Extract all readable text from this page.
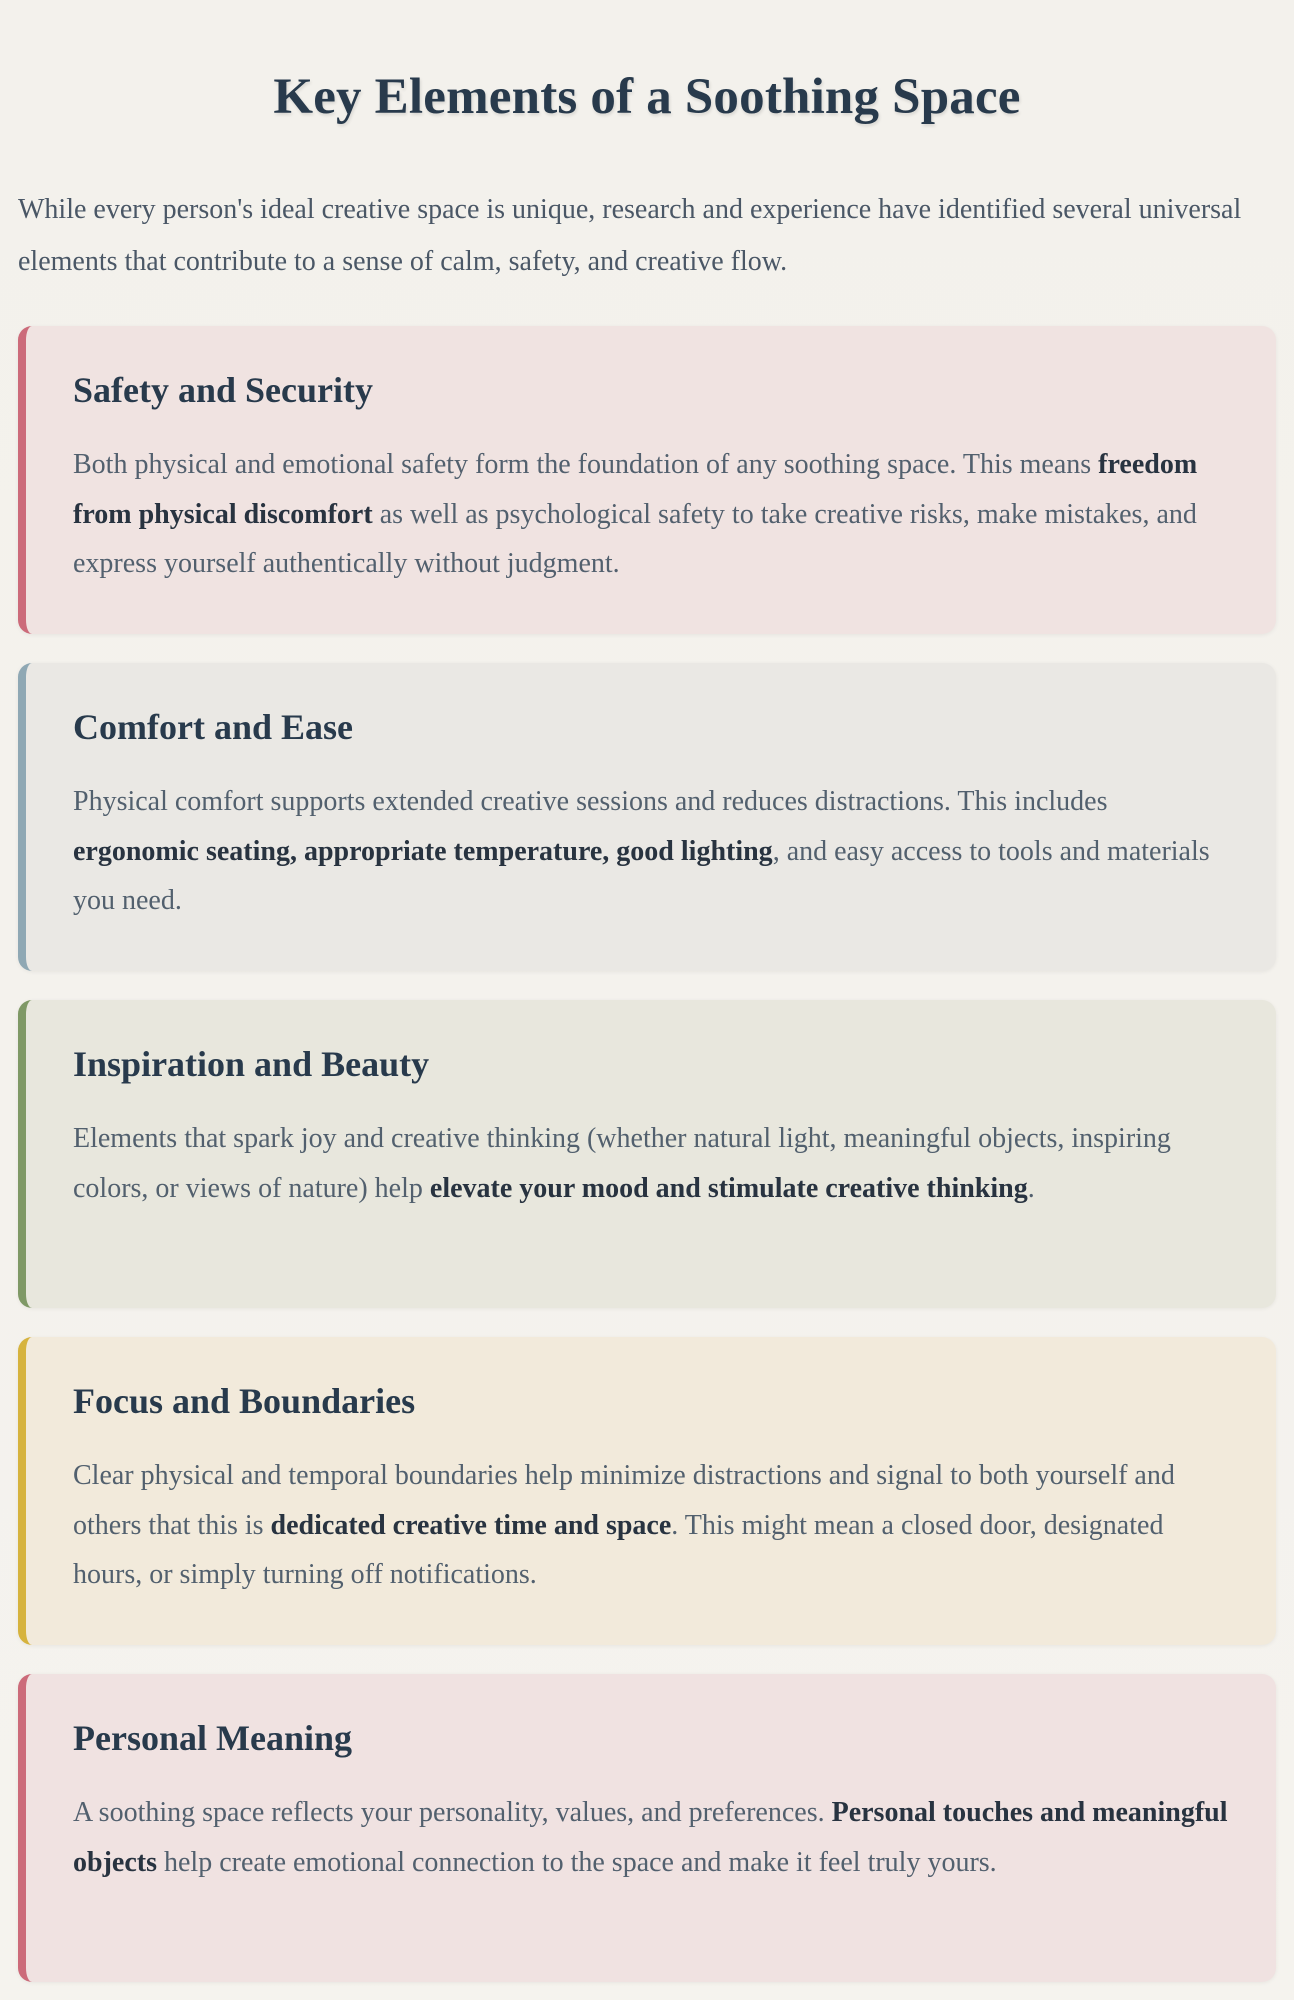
Key Elements of a Soothing Space

While every person's ideal creative space is unique, research and experience have identified several universal elements that contribute to a sense of calm, safety, and creative flow.

Safety and Security

Both physical and emotional safety form the foundation of any soothing space. This means freedom from physical discomfort as well as psychological safety to take creative risks, make mistakes, and express yourself authentically without judgment.

Comfort and Ease

Physical comfort supports extended creative sessions and reduces distractions. This includes ergonomic seating, appropriate temperature, good lighting, and easy access to tools and materials you need.

Inspiration and Beauty

Elements that spark joy and creative thinking (whether natural light, meaningful objects, inspiring colors, or views of nature) help elevate your mood and stimulate creative thinking.

Focus and Boundaries

Clear physical and temporal boundaries help minimize distractions and signal to both yourself and others that this is dedicated creative time and space. This might mean a closed door, designated hours, or simply turning off notifications.

Personal Meaning

A soothing space reflects your personality, values, and preferences. Personal touches and meaningful objects help create emotional connection to the space and make it feel truly yours.
